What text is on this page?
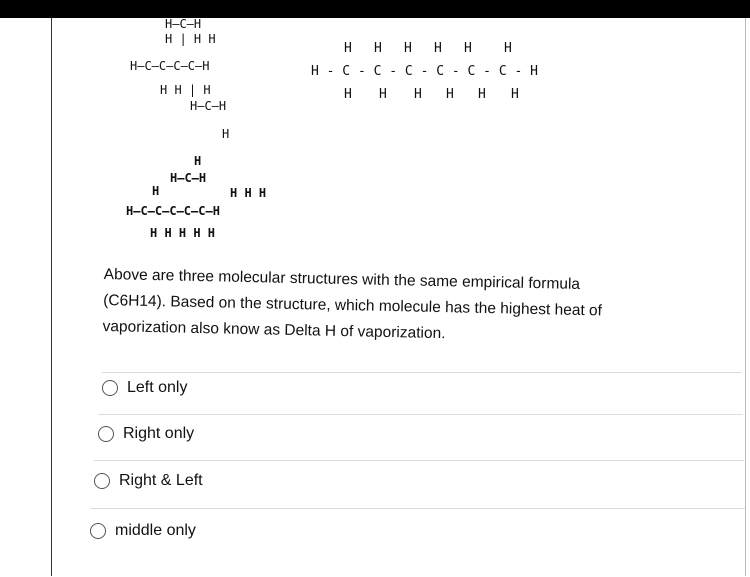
H—C—H
H | H H
H—C—C—C—C—H
H H | H
H—C—H
H
H H H H H H
H - C - C - C - C - C - C - H
H H H H H H
H
H—C—H
H	H H H
H—C—C—C—C—C—H
H H H H H

Above are three molecular structures with the same empirical formula

(C6H14). Based on the structure, which molecule has the highest heat of

vaporization also know as Delta H of vaporization.

Left only
Right only
Right & Left
middle only
